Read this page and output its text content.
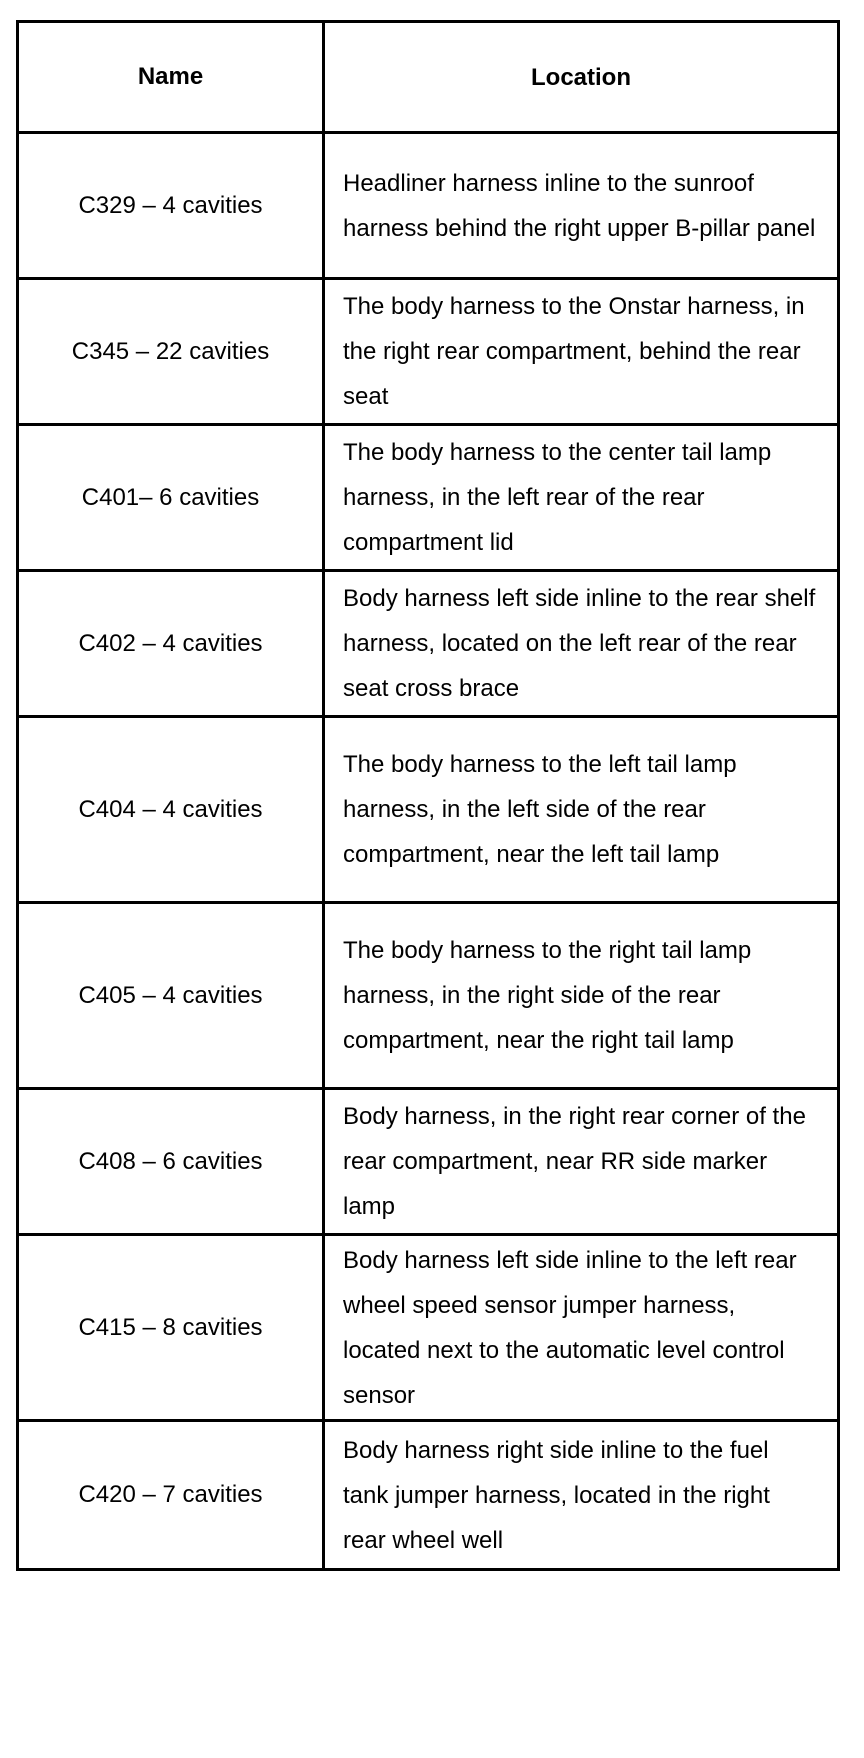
Name	Location
C329 – 4 cavities
Headliner harness inline to the sunroof harness behind the right upper B-pillar panel
C345 – 22 cavities
The body harness to the Onstar harness, in the right rear compartment, behind the rear seat
C401– 6 cavities
The body harness to the center tail lamp harness, in the left rear of the rear compartment lid
C402 – 4 cavities
Body harness left side inline to the rear shelf harness, located on the left rear of the rear seat cross brace
C404 – 4 cavities
The body harness to the left tail lamp harness, in the left side of the rear compartment, near the left tail lamp
C405 – 4 cavities
The body harness to the right tail lamp harness, in the right side of the rear compartment, near the right tail lamp
C408 – 6 cavities
Body harness, in the right rear corner of the rear compartment, near RR side marker lamp
C415 – 8 cavities
Body harness left side inline to the left rear wheel speed sensor jumper harness, located next to the automatic level control sensor
C420 – 7 cavities
Body harness right side inline to the fuel tank jumper harness, located in the right rear wheel well
